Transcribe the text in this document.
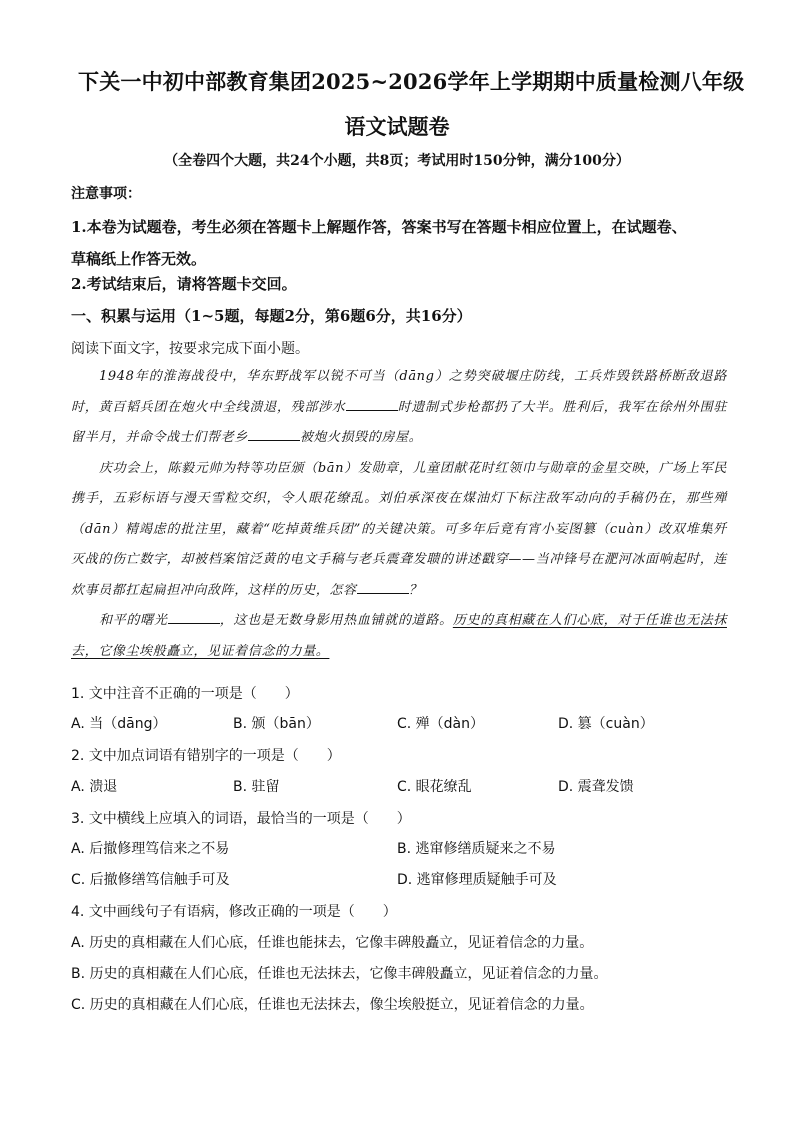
下关一中初中部教育集团2025~2026学年上学期期中质量检测八年级
语文试题卷
（全卷四个大题，共24个小题，共8页；考试用时150分钟，满分100分）
注意事项：
1.本卷为试题卷，考生必须在答题卡上解题作答，答案书写在答题卡相应位置上，在试题卷、
草稿纸上作答无效。
2.考试结束后，请将答题卡交回。
一、积累与运用（1~5题，每题2分，第6题6分，共16分）
阅读下面文字，按要求完成下面小题。

1948年的淮海战役中，华东野战军以锐不可当（dāng）之势突破堰庄防线，工兵炸毁铁路桥断敌退路时，黄百韬兵团在炮火中全线溃退，残部涉水	时遗制式步枪都扔了大半。胜利后，我军在徐州外围驻留半月，并命令战士们帮老乡	被炮火损毁的房屋。

庆功会上，陈毅元帅为特等功臣颁（bān）发勋章，儿童团献花时红领巾与勋章的金星交映，广场上军民携手，五彩标语与漫天雪粒交织，令人眼花缭乱。刘伯承深夜在煤油灯下标注敌军动向的手稿仍在，那些殚（dān）精竭虑的批注里，藏着“吃掉黄维兵团”的关键决策。可多年后竟有宵小妄图篡（cuàn）改双堆集歼灭战的伤亡数字，却被档案馆泛黄的电文手稿与老兵震聋发聩的讲述戳穿——当冲锋号在淝河冰面响起时，连炊事员都扛起扁担冲向敌阵，这样的历史，怎容	？

和平的曙光	，这也是无数身影用热血铺就的道路。历史的真相藏在人们心底，对于任谁也无法抹去，它像尘埃般矗立，见证着信念的力量。

1. 文中注音不正确的一项是（　　）
A. 当（dāng）	B. 颁（bān）	C. 殚（dàn）	D. 篡（cuàn）
2. 文中加点词语有错别字的一项是（　　）
A. 溃退	B. 驻留	C. 眼花缭乱	D. 震聋发馈
3. 文中横线上应填入的词语，最恰当的一项是（　　）
A. 后撤修理笃信来之不易	B. 逃窜修缮质疑来之不易
C. 后撤修缮笃信触手可及	D. 逃窜修理质疑触手可及
4. 文中画线句子有语病，修改正确的一项是（　　）
A. 历史的真相藏在人们心底，任谁也能抹去，它像丰碑般矗立，见证着信念的力量。
B. 历史的真相藏在人们心底，任谁也无法抹去，它像丰碑般矗立，见证着信念的力量。
C. 历史的真相藏在人们心底，任谁也无法抹去，像尘埃般挺立，见证着信念的力量。
